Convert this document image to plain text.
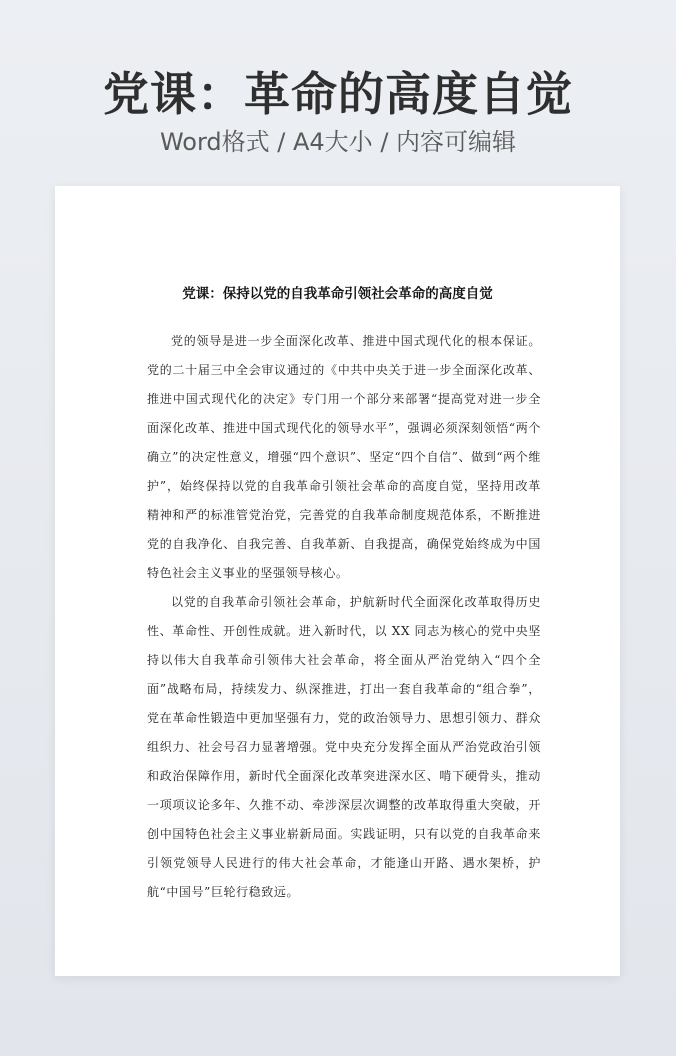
党课：革命的高度自觉
Word格式 / A4大小 / 内容可编辑
党课：保持以党的自我革命引领社会革命的高度自觉

党的领导是进一步全面深化改革、推进中国式现代化的根本保证。党的二十届三中全会审议通过的《中共中央关于进一步全面深化改革、推进中国式现代化的决定》专门用一个部分来部署“提高党对进一步全面深化改革、推进中国式现代化的领导水平”，强调必须深刻领悟“两个确立”的决定性意义，增强“四个意识”、坚定“四个自信”、做到“两个维护”，始终保持以党的自我革命引领社会革命的高度自觉，坚持用改革精神和严的标准管党治党，完善党的自我革命制度规范体系，不断推进党的自我净化、自我完善、自我革新、自我提高，确保党始终成为中国特色社会主义事业的坚强领导核心。

以党的自我革命引领社会革命，护航新时代全面深化改革取得历史性、革命性、开创性成就。进入新时代，以 XX 同志为核心的党中央坚持以伟大自我革命引领伟大社会革命，将全面从严治党纳入“四个全面”战略布局，持续发力、纵深推进，打出一套自我革命的“组合拳”，党在革命性锻造中更加坚强有力，党的政治领导力、思想引领力、群众组织力、社会号召力显著增强。党中央充分发挥全面从严治党政治引领和政治保障作用，新时代全面深化改革突进深水区、啃下硬骨头，推动一项项议论多年、久推不动、牵涉深层次调整的改革取得重大突破，开创中国特色社会主义事业崭新局面。实践证明，只有以党的自我革命来引领党领导人民进行的伟大社会革命，才能逢山开路、遇水架桥，护航“中国号”巨轮行稳致远。
